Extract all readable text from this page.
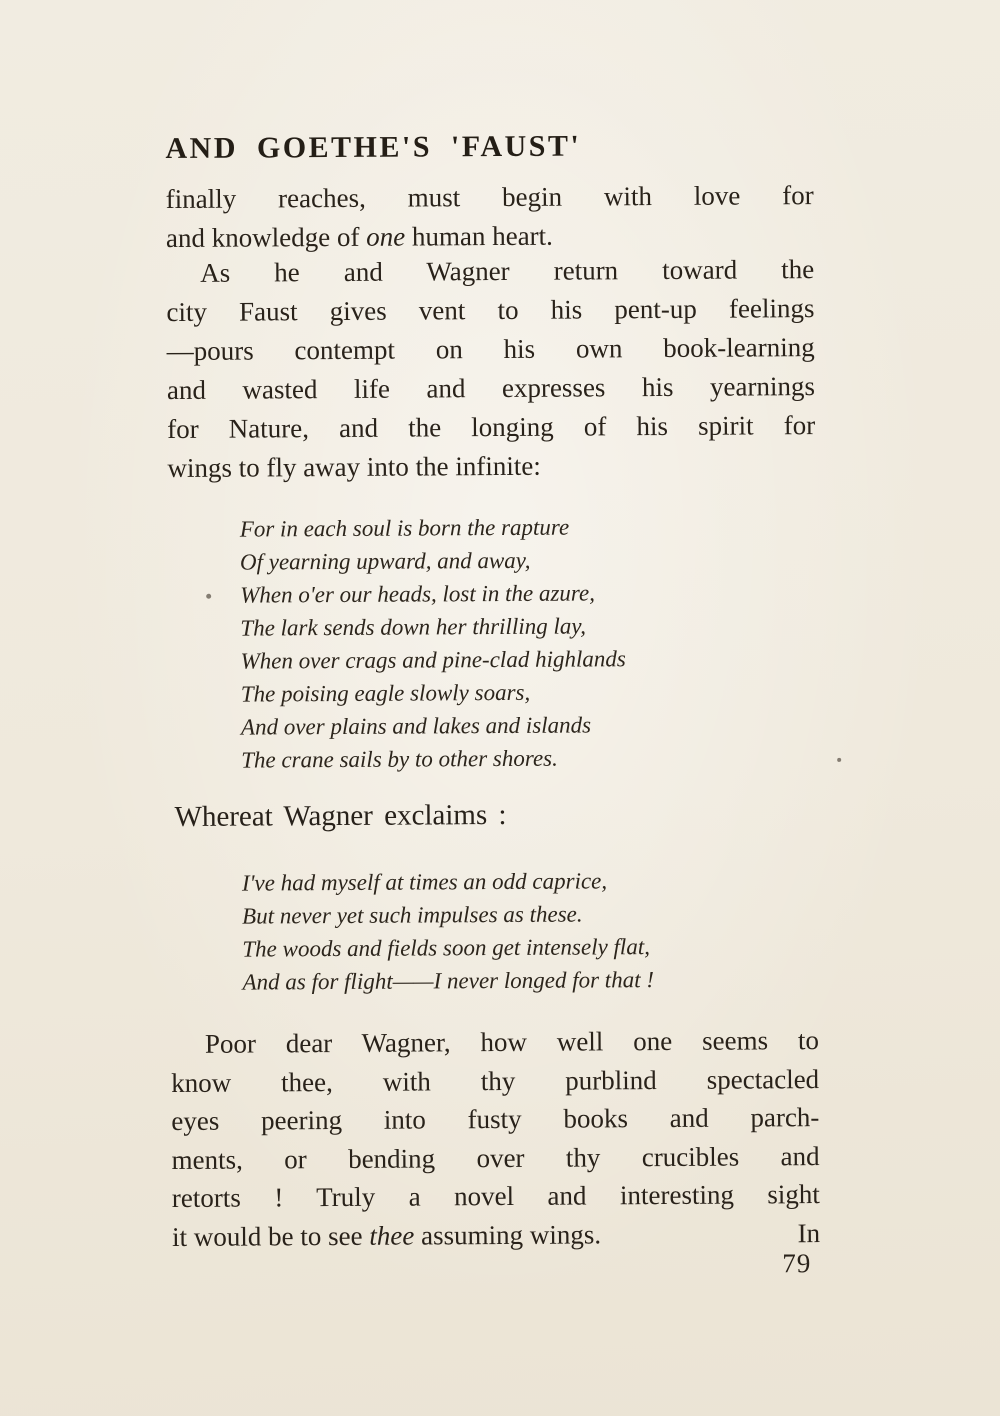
AND GOETHE'S 'FAUST'
finally reaches, must begin with love for
and knowledge of one human heart.
As he and Wagner return toward the
city Faust gives vent to his pent-up feelings
—pours contempt on his own book-learning
and wasted life and expresses his yearnings
for Nature, and the longing of his spirit for
wings to fly away into the infinite:
For in each soul is born the rapture
Of yearning upward, and away,
When o'er our heads, lost in the azure,
The lark sends down her thrilling lay,
When over crags and pine-clad highlands
The poising eagle slowly soars,
And over plains and lakes and islands
The crane sails by to other shores.

Whereat Wagner exclaims :

I've had myself at times an odd caprice,
But never yet such impulses as these.
The woods and fields soon get intensely flat,
And as for flight——I never longed for that !
Poor dear Wagner, how well one seems to
know thee, with thy purblind spectacled
eyes peering into fusty books and parch-
ments, or bending over thy crucibles and
retorts ! Truly a novel and interesting sight
it would be to see thee assuming wings.	In
79
